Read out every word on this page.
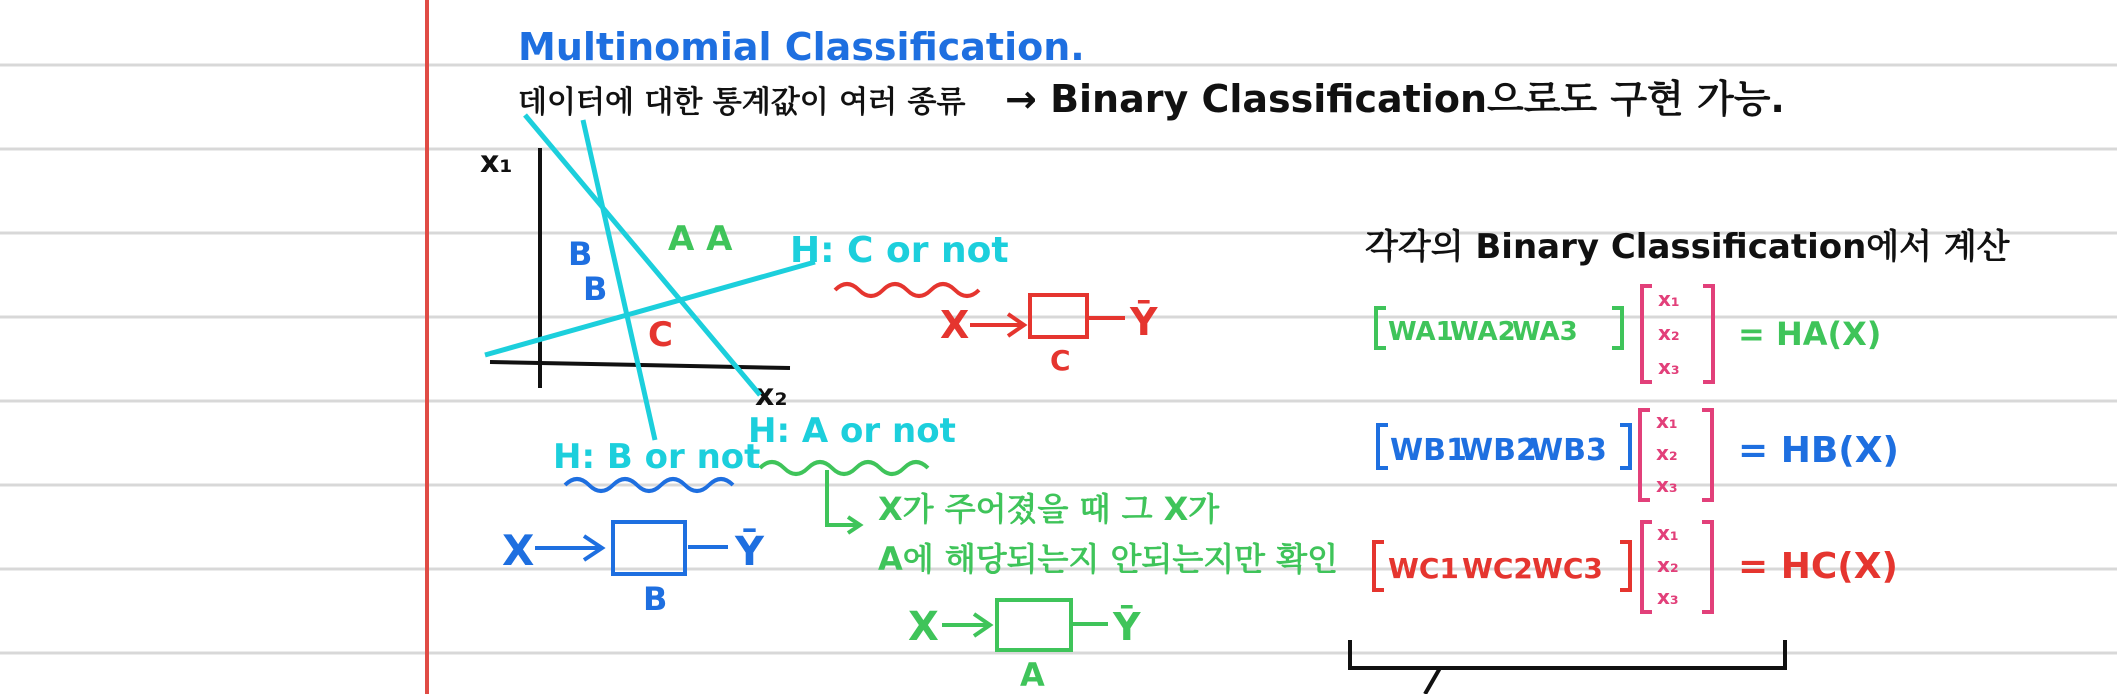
Multinomial Classification.
데이터에 대한 통계값이 여러 종류 → Binary Classification으로도 구현 가능.
x₁
x₂
B
B
A A
C
H: C or not
H: B or not
H: A or not
X	Ȳ
C
X	Ȳ
B
X가 주어졌을 때 그 X가
A에 해당되는지 안되는지만 확인
X	Ȳ
A
각각의 Binary Classification에서 계산
WA1
WA2
WA3
x₁
x₂
x₃
= HA(X)
WB1
WB2
WB3
x₁
x₂
x₃
= HB(X)
WC1 WC2 WC3
x₁
x₂
x₃
= HC(X)
